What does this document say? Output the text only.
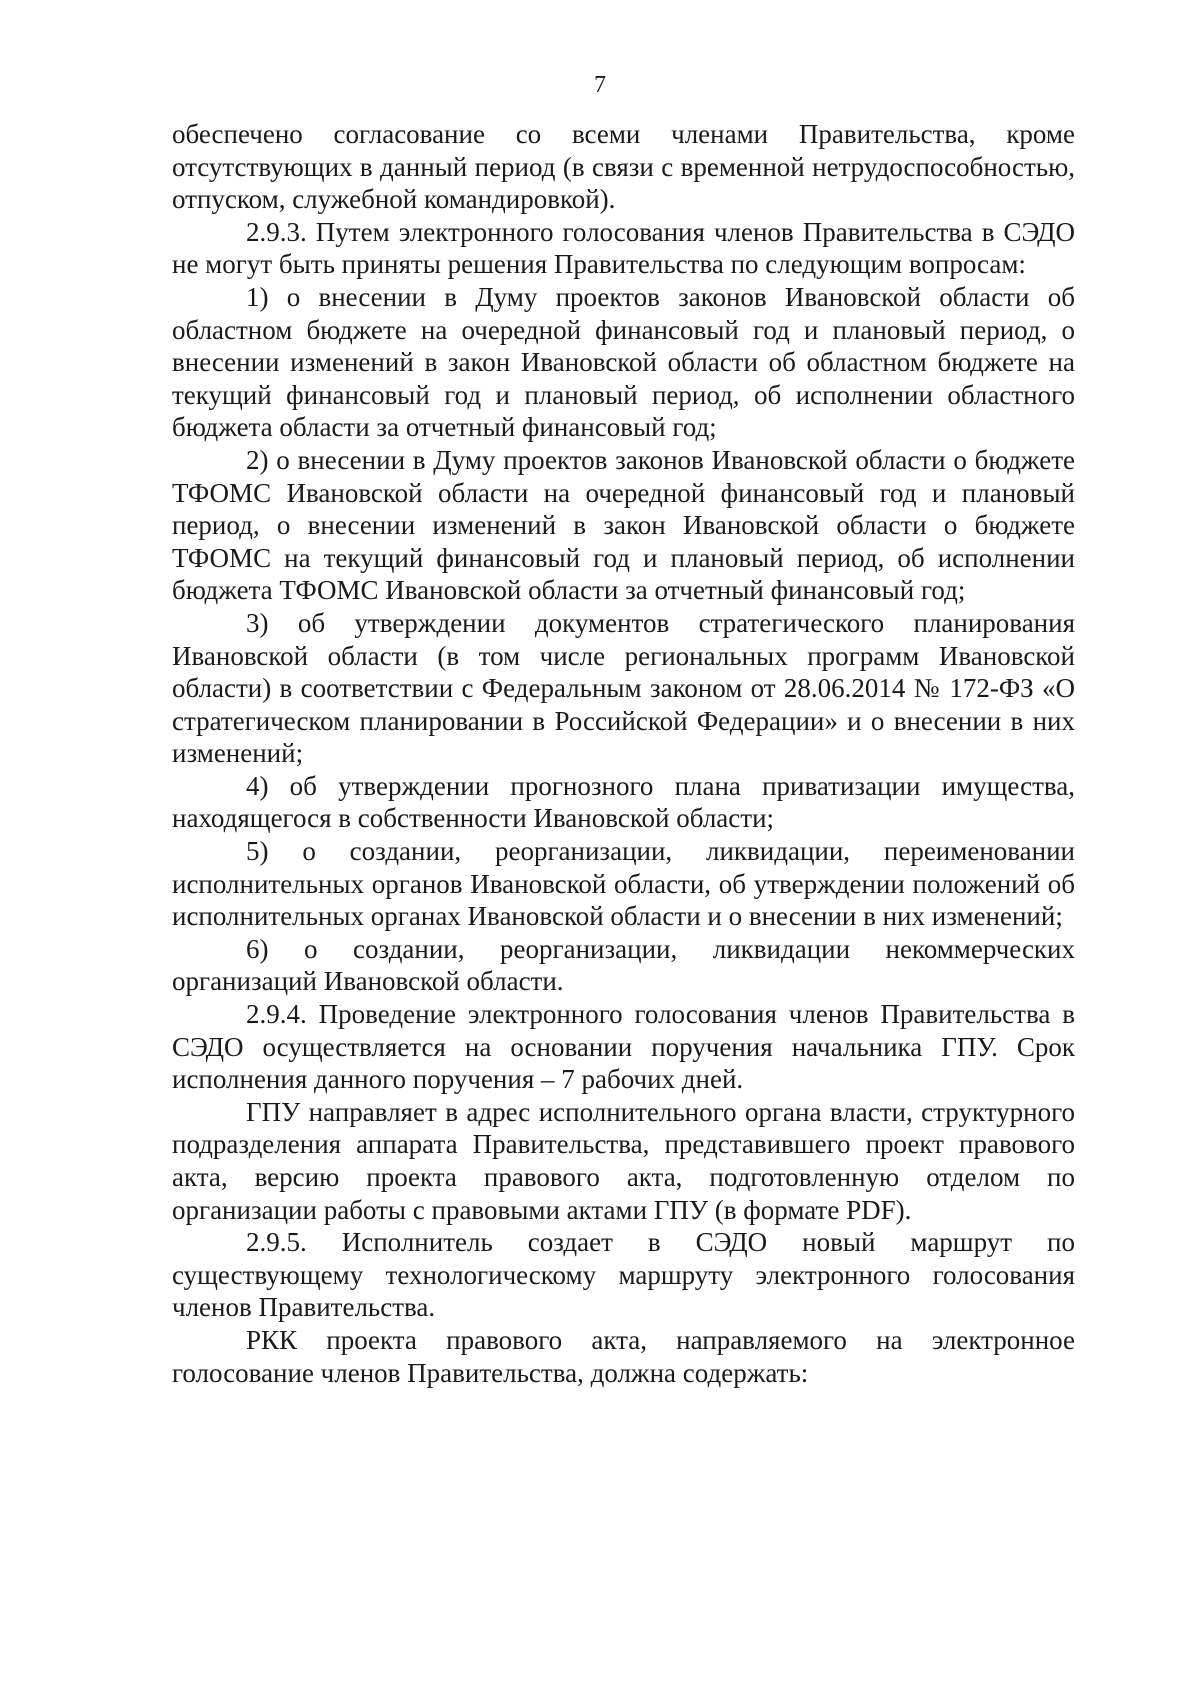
7

обеспечено согласование со всеми членами Правительства, кроме отсутствующих в данный период (в связи с временной нетрудоспособностью, отпуском, служебной командировкой).

2.9.3. Путем электронного голосования членов Правительства в СЭДО не могут быть приняты решения Правительства по следующим вопросам:

1) о внесении в Думу проектов законов Ивановской области об областном бюджете на очередной финансовый год и плановый период, о внесении изменений в закон Ивановской области об областном бюджете на текущий финансовый год и плановый период, об исполнении областного бюджета области за отчетный финансовый год;

2) о внесении в Думу проектов законов Ивановской области о бюджете ТФОМС Ивановской области на очередной финансовый год и плановый период, о внесении изменений в закон Ивановской области о бюджете ТФОМС на текущий финансовый год и плановый период, об исполнении бюджета ТФОМС Ивановской области за отчетный финансовый год;

3) об утверждении документов стратегического планирования Ивановской области (в том числе региональных программ Ивановской области) в соответствии с Федеральным законом от 28.06.2014 № 172-ФЗ «О стратегическом планировании в Российской Федерации» и о внесении в них изменений;

4) об утверждении прогнозного плана приватизации имущества, находящегося в собственности Ивановской области;

5) о создании, реорганизации, ликвидации, переименовании исполнительных органов Ивановской области, об утверждении положений об исполнительных органах Ивановской области и о внесении в них изменений;

6) о создании, реорганизации, ликвидации некоммерческих организаций Ивановской области.

2.9.4. Проведение электронного голосования членов Правительства в СЭДО осуществляется на основании поручения начальника ГПУ. Срок исполнения данного поручения – 7 рабочих дней.

ГПУ направляет в адрес исполнительного органа власти, структурного подразделения аппарата Правительства, представившего проект правового акта, версию проекта правового акта, подготовленную отделом по организации работы с правовыми актами ГПУ (в формате PDF).

2.9.5. Исполнитель создает в СЭДО новый маршрут по существующему технологическому маршруту электронного голосования членов Правительства.

РКК проекта правового акта, направляемого на электронное голосование членов Правительства, должна содержать:
